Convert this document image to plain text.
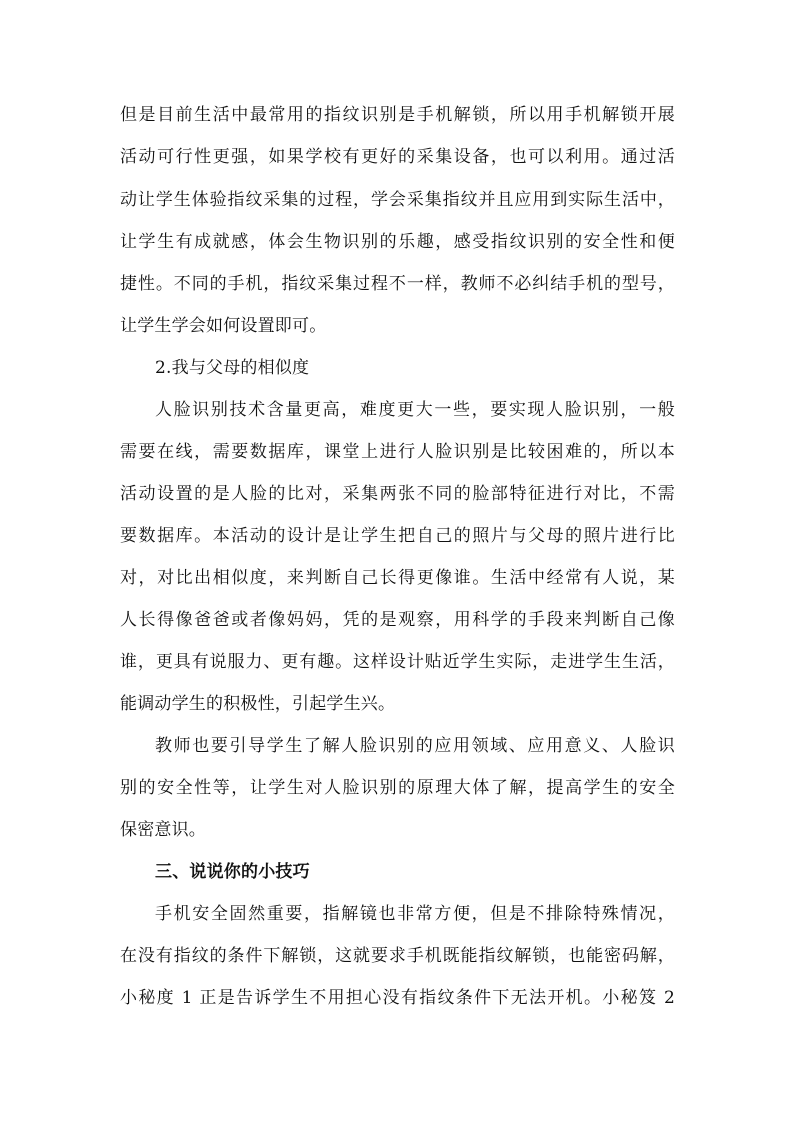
但是目前生活中最常用的指纹识别是手机解锁，所以用手机解锁开展
活动可行性更强，如果学校有更好的采集设备，也可以利用。通过活
动让学生体验指纹采集的过程，学会采集指纹并且应用到实际生活中，
让学生有成就感，体会生物识别的乐趣，感受指纹识别的安全性和便
捷性。不同的手机，指纹采集过程不一样，教师不必纠结手机的型号，
让学生学会如何设置即可。
2.我与父母的相似度
人脸识别技术含量更高，难度更大一些，要实现人脸识别，一般
需要在线，需要数据库，课堂上进行人脸识别是比较困难的，所以本
活动设置的是人脸的比对，采集两张不同的脸部特征进行对比，不需
要数据库。本活动的设计是让学生把自己的照片与父母的照片进行比
对，对比出相似度，来判断自己长得更像谁。生活中经常有人说，某
人长得像爸爸或者像妈妈，凭的是观察，用科学的手段来判断自己像
谁，更具有说服力、更有趣。这样设计贴近学生实际，走进学生生活，
能调动学生的积极性，引起学生兴。
教师也要引导学生了解人脸识别的应用领域、应用意义、人脸识
别的安全性等，让学生对人脸识别的原理大体了解，提高学生的安全
保密意识。
三、说说你的小技巧
手机安全固然重要，指解镜也非常方便，但是不排除特殊情况，
在没有指纹的条件下解锁，这就要求手机既能指纹解锁，也能密码解，
小秘度 1 正是告诉学生不用担心没有指纹条件下无法开机。小秘笈 2
